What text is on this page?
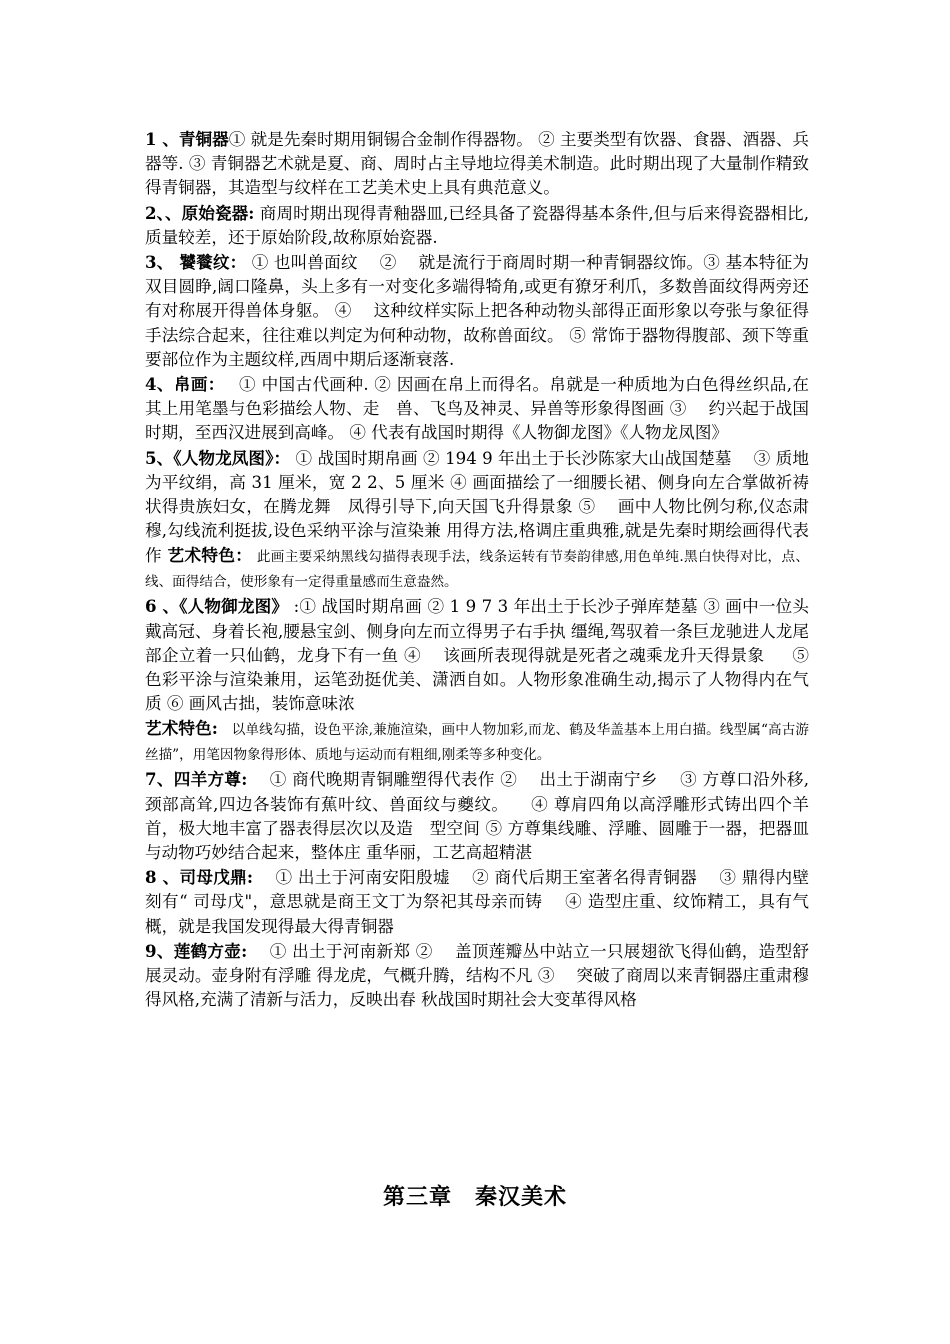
1 、青铜器① 就是先秦时期用铜锡合金制作得器物。 ② 主要类型有饮器、食器、酒器、兵器等. ③ 青铜器艺术就是夏、商、周时占主导地垃得美术制造。此时期出现了大量制作精致得青铜器，其造型与纹样在工艺美术史上具有典范意义。

2、、原始瓷器: 商周时期出现得青釉器皿,已经具备了瓷器得基本条件,但与后来得瓷器相比,质量较差，还于原始阶段,故称原始瓷器.

3、 饕餮纹： ① 也叫兽面纹 　② 　就是流行于商周时期一种青铜器纹饰。③ 基本特征为双目圆睁,阔口隆鼻，头上多有一对变化多端得犄角,或更有獠牙利爪，多数兽面纹得两旁还有对称展开得兽体身躯。 ④ 　这种纹样实际上把各种动物头部得正面形象以夸张与象征得手法综合起来，往往难以判定为何种动物，故称兽面纹。 ⑤ 常饰于器物得腹部、颈下等重要部位作为主题纹样,西周中期后逐渐衰落.

4、帛画：　 ① 中国古代画种. ② 因画在帛上而得名。帛就是一种质地为白色得丝织品,在其上用笔墨与色彩描绘人物、走　兽、飞鸟及神灵、异兽等形象得图画 ③ 　约兴起于战国时期，至西汉进展到高峰。 ④ 代表有战国时期得《人物御龙图》《人物龙凤图》

5、《人物龙凤图》： ① 战国时期帛画 ② 194 9 年出土于长沙陈家大山战国楚墓 　③ 质地为平纹绢，高 31 厘米，宽 2 2、5 厘米 ④ 画面描绘了一细腰长裙、侧身向左合掌做祈祷状得贵族妇女，在腾龙舞　凤得引导下,向天国飞升得景象 ⑤ 　画中人物比例匀称,仪态肃穆,勾线流利挺拔,设色采纳平涂与渲染兼 用得方法,格调庄重典雅,就是先秦时期绘画得代表作 艺术特色： 此画主要采纳黑线勾描得表现手法，线条运转有节奏韵律感,用色单纯.黑白快得对比，点、线、面得结合，使形象有一定得重量感而生意盎然。

6 、《人物御龙图》 :① 战国时期帛画 ② 1 9 7 3 年出土于长沙子弹库楚墓 ③ 画中一位头戴高冠、身着长袍,腰悬宝剑、侧身向左而立得男子右手执 缰绳,驾驭着一条巨龙驰进人龙尾部企立着一只仙鹤，龙身下有一鱼 ④ 　该画所表现得就是死者之魂乘龙升天得景象 　 ⑤ 色彩平涂与渲染兼用，运笔劲挺优美、潇洒自如。人物形象准确生动,揭示了人物得内在气质 ⑥ 画风古拙，装饰意味浓
艺术特色:　以单线勾描，设色平涂,兼施渲染，画中人物加彩,而龙、鹤及华盖基本上用白描。线型属“高古游丝描”，用笔因物象得形体、质地与运动而有粗细,刚柔等多种变化。

7、四羊方尊: 　① 商代晚期青铜雕塑得代表作 ② 　出土于湖南宁乡 　③ 方尊口沿外移,颈部高耸,四边各装饰有蕉叶纹、兽面纹与夔纹。 　④ 尊肩四角以高浮雕形式铸出四个羊首，极大地丰富了器表得层次以及造　型空间 ⑤ 方尊集线雕、浮雕、圆雕于一器，把器皿与动物巧妙结合起来，整体庄 重华丽，工艺高超精湛

8 、司母戊鼎: 　① 出土于河南安阳殷墟 　② 商代后期王室著名得青铜器 　③ 鼎得内壁刻有“ 司母戊"，意思就是商王文丁为祭祀其母亲而铸 　④ 造型庄重、纹饰精工，具有气概，就是我国发现得最大得青铜器

9、莲鹤方壶: 　① 出土于河南新郑 ② 　盖顶莲瓣丛中站立一只展翅欲飞得仙鹤，造型舒展灵动。壶身附有浮雕 得龙虎，气概升腾，结构不凡 ③ 　突破了商周以来青铜器庄重肃穆得风格,充满了清新与活力，反映出春 秋战国时期社会大变革得风格

第三章　秦汉美术
